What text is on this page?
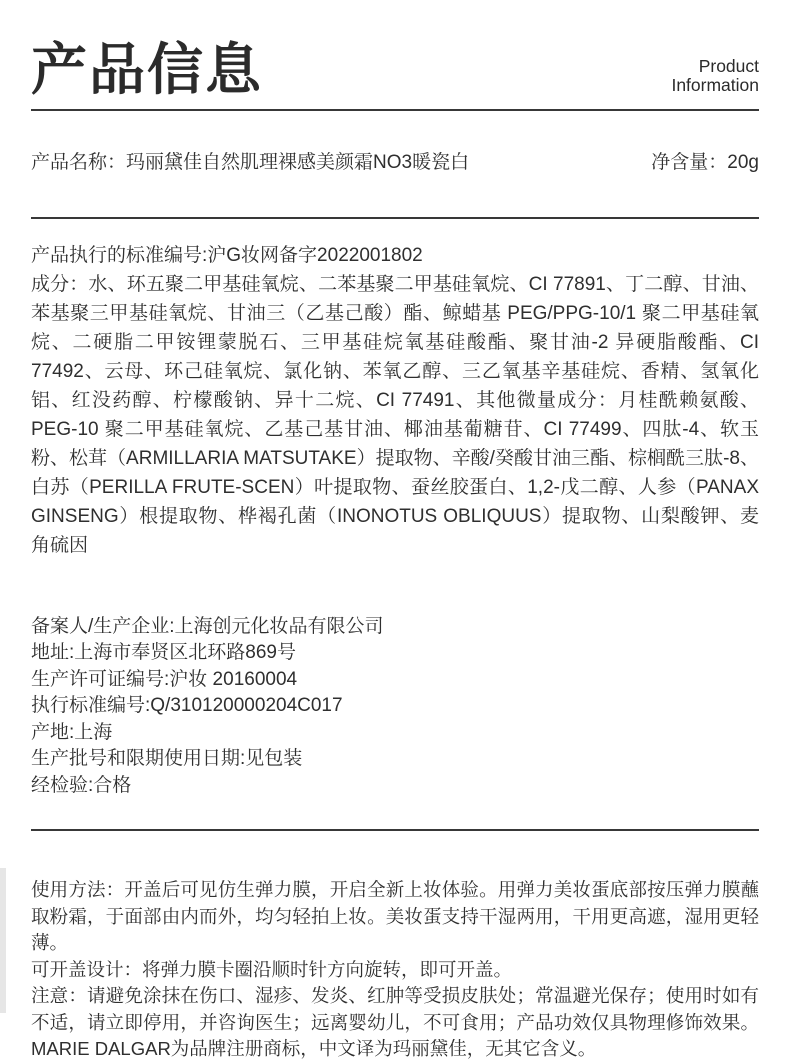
产品信息	Product
Information
产品名称：玛丽黛佳自然肌理裸感美颜霜NO3暖瓷白	净含量：20g
产品执行的标准编号:沪G妆网备字2022001802

成分：水、环五聚二甲基硅氧烷、二苯基聚二甲基硅氧烷、CI 77891、丁二醇、甘油、苯基聚三甲基硅氧烷、甘油三（乙基己酸）酯、鲸蜡基 PEG/PPG-10/1 聚二甲基硅氧烷、二硬脂二甲铵锂蒙脱石、三甲基硅烷氧基硅酸酯、聚甘油-2 异硬脂酸酯、CI 77492、云母、环己硅氧烷、氯化钠、苯氧乙醇、三乙氧基辛基硅烷、香精、氢氧化铝、红没药醇、柠檬酸钠、异十二烷、CI 77491、其他微量成分：月桂酰赖氨酸、PEG-10 聚二甲基硅氧烷、乙基己基甘油、椰油基葡糖苷、CI 77499、四肽-4、软玉粉、松茸（ARMILLARIA MATSUTAKE）提取物、辛酸/癸酸甘油三酯、棕榈酰三肽-8、白苏（PERILLA FRUTE-SCEN）叶提取物、蚕丝胶蛋白、1,2-戊二醇、人参（PANAX GINSENG）根提取物、桦褐孔菌（INONOTUS OBLIQUUS）提取物、山梨酸钾、麦角硫因

备案人/生产企业:上海创元化妆品有限公司

地址:上海市奉贤区北环路869号

生产许可证编号:沪妆 20160004

执行标准编号:Q/310120000204C017

产地:上海

生产批号和限期使用日期:见包装

经检验:合格

使用方法：开盖后可见仿生弹力膜，开启全新上妆体验。用弹力美妆蛋底部按压弹力膜蘸取粉霜，于面部由内而外，均匀轻拍上妆。美妆蛋支持干湿两用，干用更高遮，湿用更轻薄。

可开盖设计：将弹力膜卡圈沿顺时针方向旋转，即可开盖。

注意：请避免涂抹在伤口、湿疹、发炎、红肿等受损皮肤处；常温避光保存；使用时如有不适，请立即停用，并咨询医生；远离婴幼儿，不可食用；产品功效仅具物理修饰效果。MARIE DALGAR为品牌注册商标，中文译为玛丽黛佳，无其它含义。
